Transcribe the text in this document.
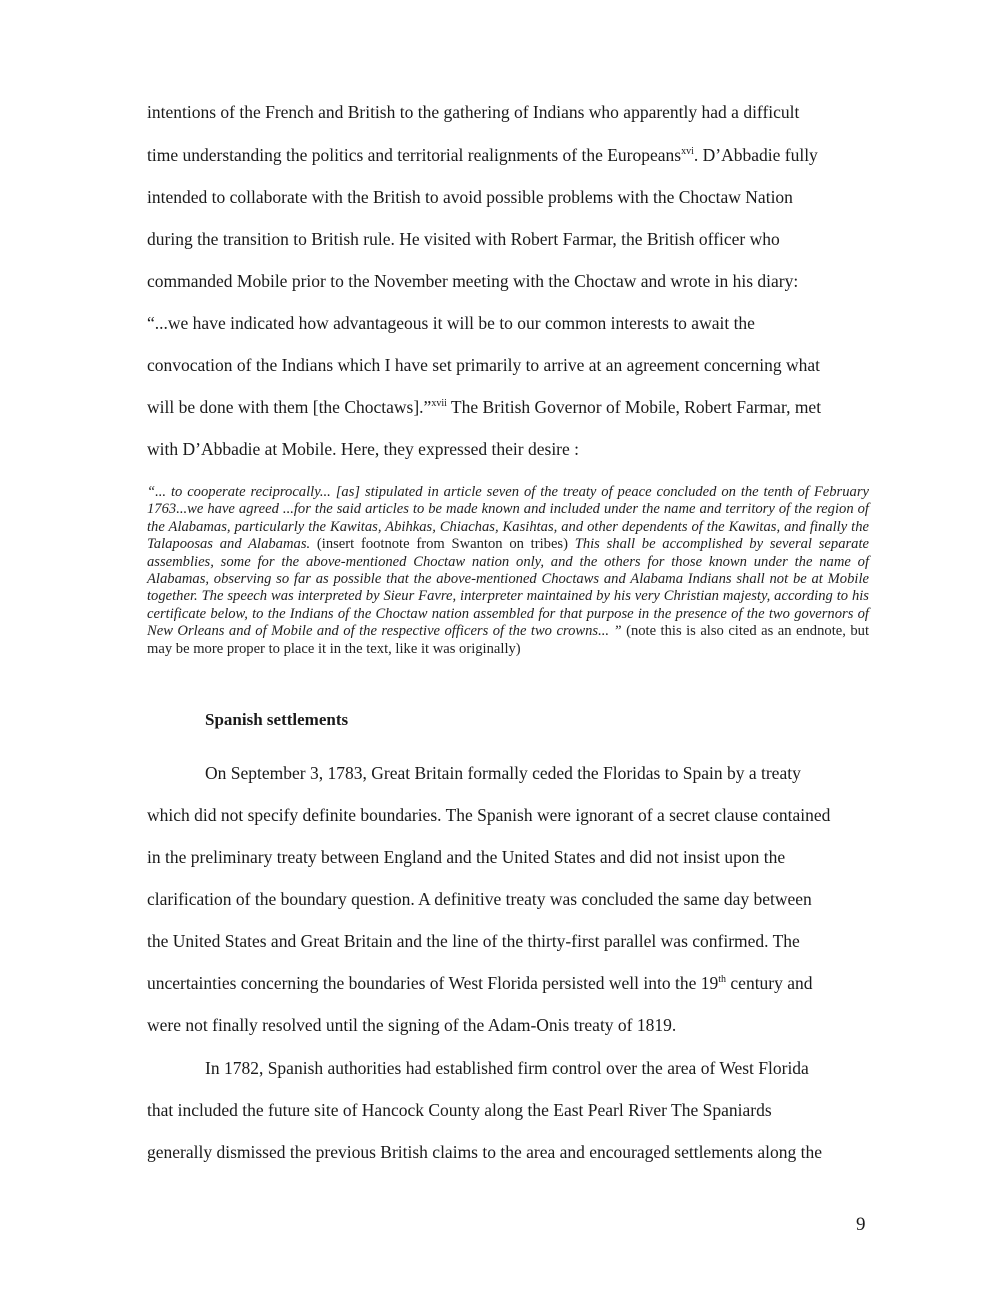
intentions of the French and British to the gathering of Indians who apparently had a difficult
time understanding the politics and territorial realignments of the Europeans$^{xvi}$. D’Abbadie fully
intended to collaborate with the British to avoid possible problems with the Choctaw Nation
during the transition to British rule. He visited with Robert Farmar, the British officer who
commanded Mobile prior to the November meeting with the Choctaw and wrote in his diary:
“...we have indicated how advantageous it will be to our common interests to await the
convocation of the Indians which I have set primarily to arrive at an agreement concerning what
will be done with them [the Choctaws].”$^{xvii}$ The British Governor of Mobile, Robert Farmar, met
with D’Abbadie at Mobile. Here, they expressed their desire :
“... to cooperate reciprocally... [as] stipulated in article seven of the treaty of peace concluded on the tenth of February 1763...we have agreed ...for the said articles to be made known and included under the name and territory of the region of the Alabamas, particularly the Kawitas, Abihkas, Chiachas, Kasihtas, and other dependents of the Kawitas, and finally the Talapoosas and Alabamas. (insert footnote from Swanton on tribes) This shall be accomplished by several separate assemblies, some for the above-mentioned Choctaw nation only, and the others for those known under the name of Alabamas, observing so far as possible that the above-mentioned Choctaws and Alabama Indians shall not be at Mobile together. The speech was interpreted by Sieur Favre, interpreter maintained by his very Christian majesty, according to his certificate below, to the Indians of the Choctaw nation assembled for that purpose in the presence of the two governors of New Orleans and of Mobile and of the respective officers of the two crowns... ” (note this is also cited as an endnote, but may be more proper to place it in the text, like it was originally)
Spanish settlements
On September 3, 1783, Great Britain formally ceded the Floridas to Spain by a treaty
which did not specify definite boundaries. The Spanish were ignorant of a secret clause contained
in the preliminary treaty between England and the United States and did not insist upon the
clarification of the boundary question. A definitive treaty was concluded the same day between
the United States and Great Britain and the line of the thirty-first parallel was confirmed. The
uncertainties concerning the boundaries of West Florida persisted well into the 19th century and
were not finally resolved until the signing of the Adam-Onis treaty of 1819.
In 1782, Spanish authorities had established firm control over the area of West Florida
that included the future site of Hancock County along the East Pearl River The Spaniards
generally dismissed the previous British claims to the area and encouraged settlements along the
9
